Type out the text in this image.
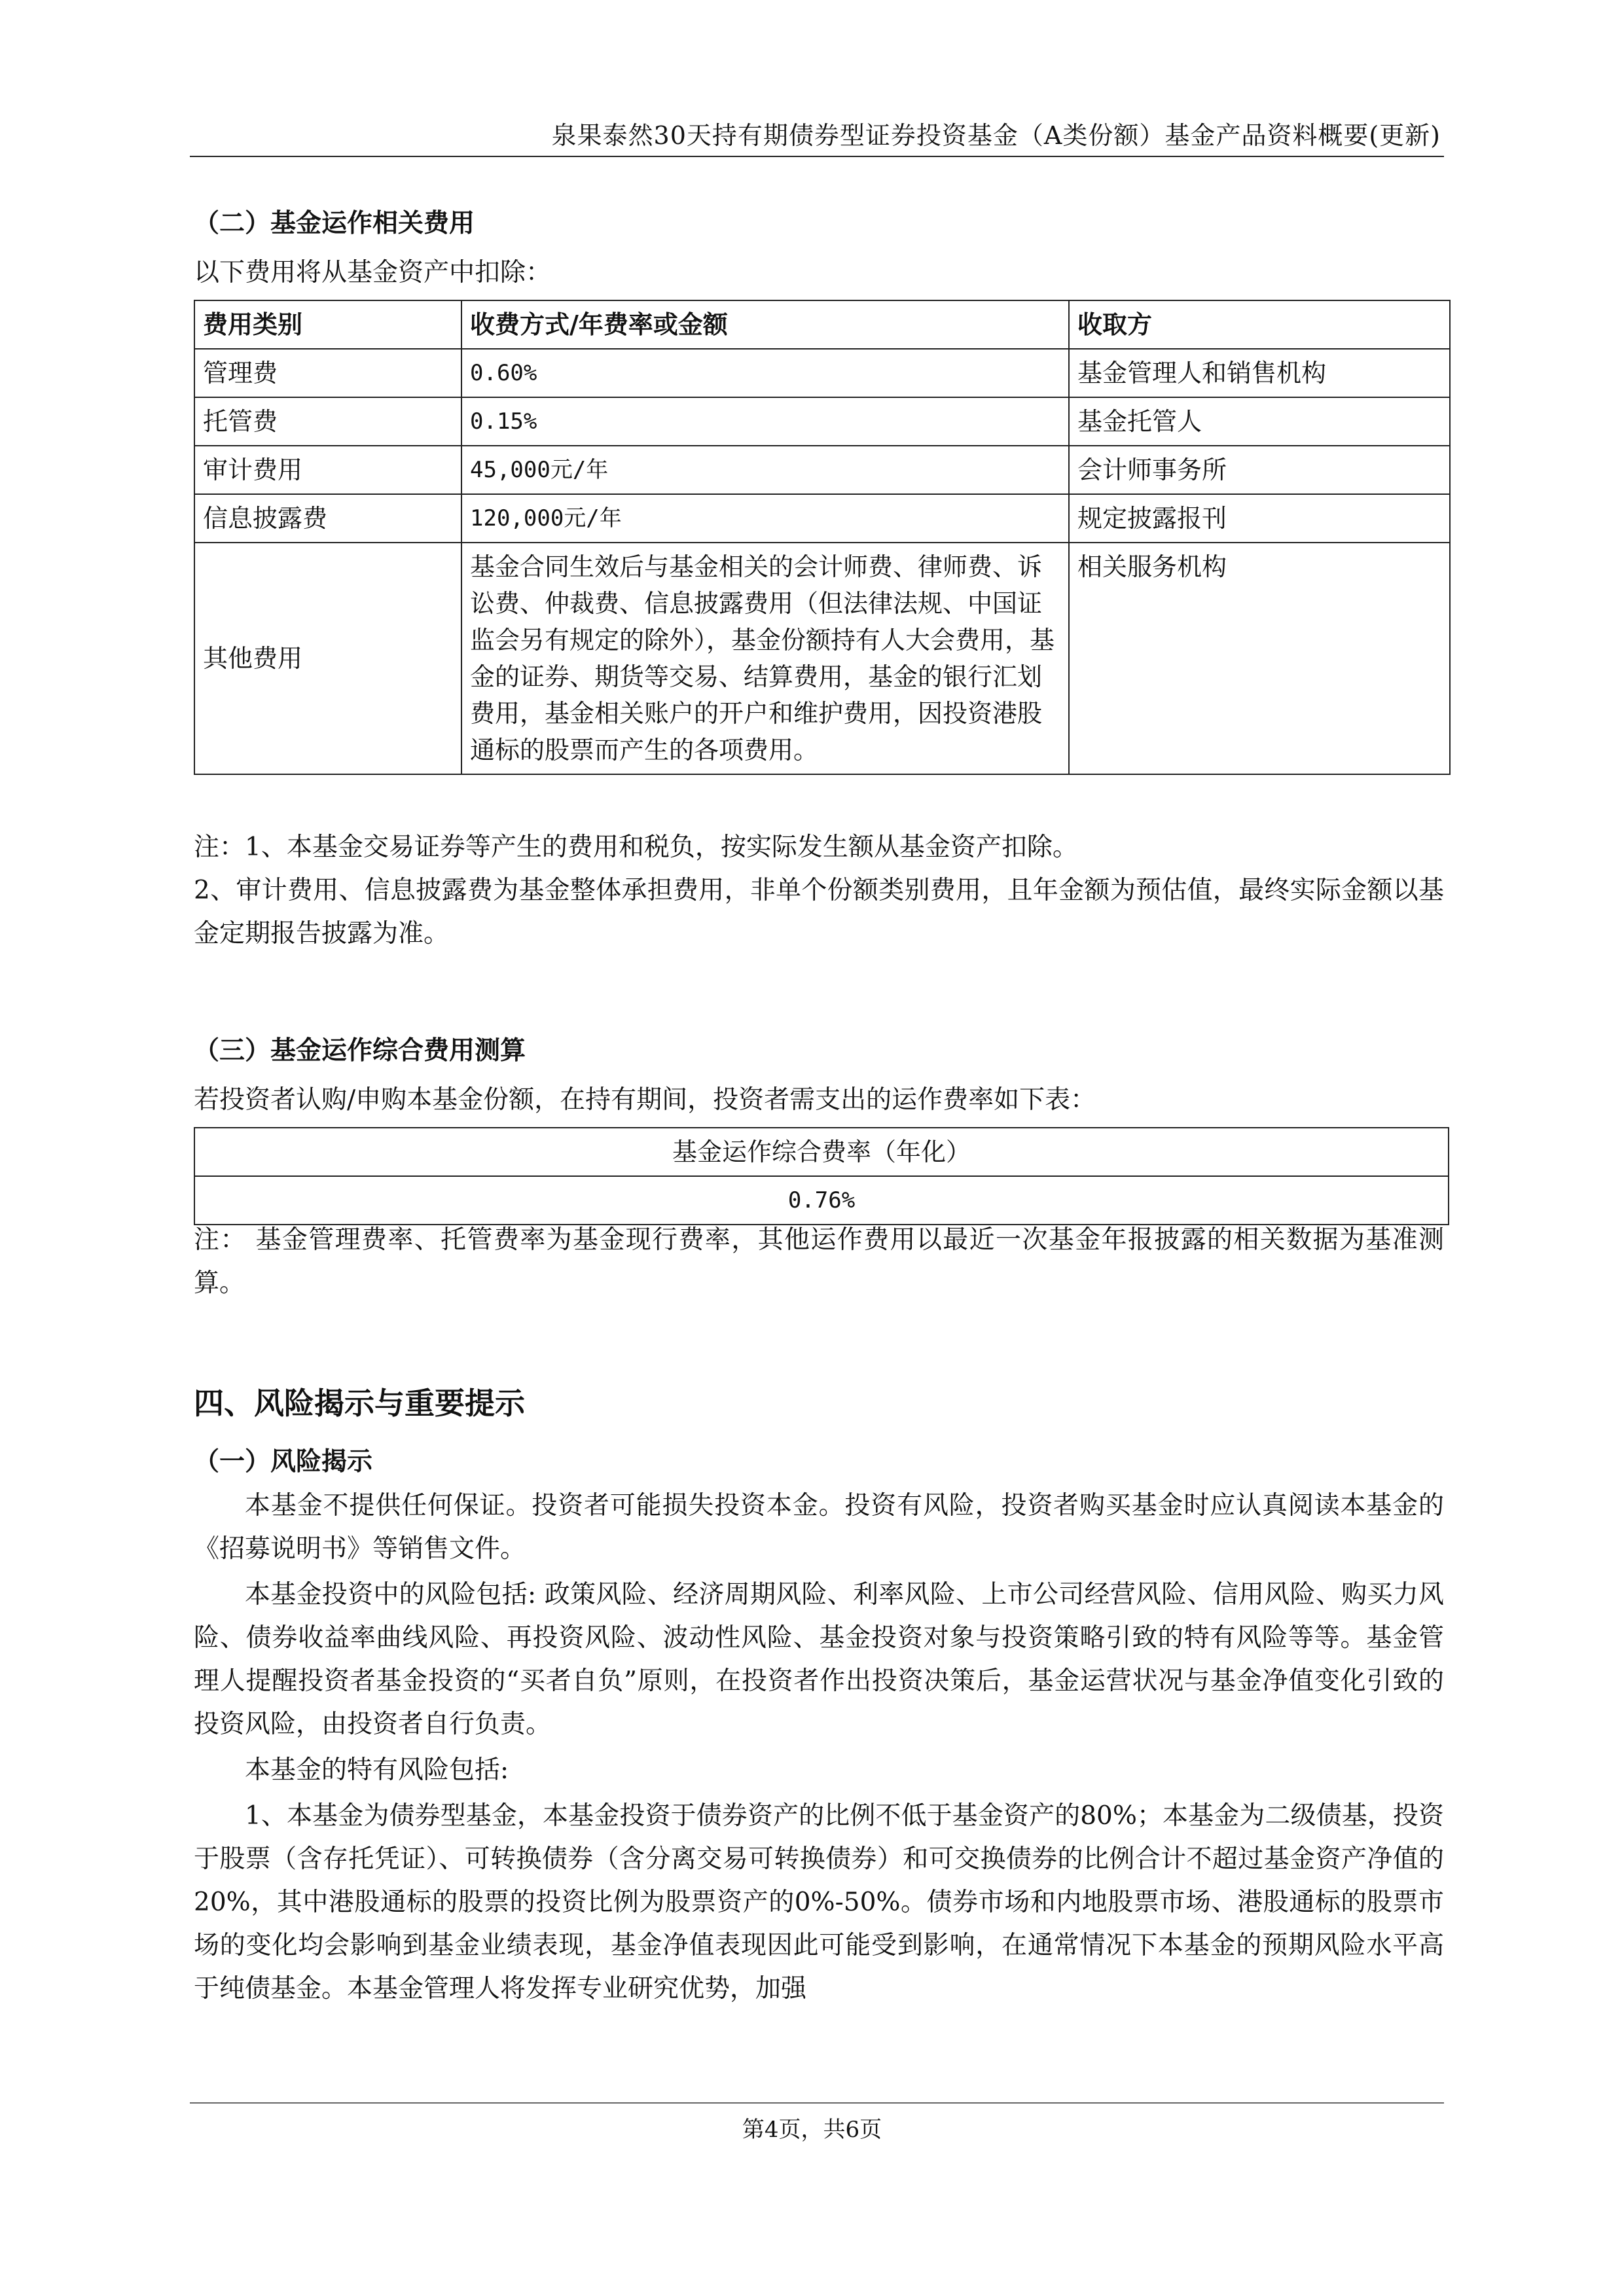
泉果泰然30天持有期债券型证券投资基金（A类份额）基金产品资料概要(更新)
（二）基金运作相关费用
以下费用将从基金资产中扣除：
费用类别	收费方式/年费率或金额	收取方
管理费	0.60%	基金管理人和销售机构
托管费	0.15%	基金托管人
审计费用	45,000元/年	会计师事务所
信息披露费	120,000元/年	规定披露报刊
其他费用	基金合同生效后与基金相关的会计师费、律师费、诉讼费、仲裁费、信息披露费用（但法律法规、中国证监会另有规定的除外），基金份额持有人大会费用，基金的证券、期货等交易、结算费用，基金的银行汇划费用，基金相关账户的开户和维护费用，因投资港股通标的股票而产生的各项费用。	相关服务机构

注：1、本基金交易证券等产生的费用和税负，按实际发生额从基金资产扣除。

2、审计费用、信息披露费为基金整体承担费用，非单个份额类别费用，且年金额为预估值，最终实际金额以基金定期报告披露为准。

（三）基金运作综合费用测算
若投资者认购/申购本基金份额，在持有期间，投资者需支出的运作费率如下表：
基金运作综合费率（年化）
0.76%
注： 基金管理费率、托管费率为基金现行费率，其他运作费用以最近一次基金年报披露的相关数据为基准测算。
四、风险揭示与重要提示
（一）风险揭示
本基金不提供任何保证。投资者可能损失投资本金。投资有风险，投资者购买基金时应认真阅读本基金的《招募说明书》等销售文件。
本基金投资中的风险包括: 政策风险、经济周期风险、利率风险、上市公司经营风险、信用风险、购买力风险、债券收益率曲线风险、再投资风险、波动性风险、基金投资对象与投资策略引致的特有风险等等。基金管理人提醒投资者基金投资的“买者自负”原则，在投资者作出投资决策后，基金运营状况与基金净值变化引致的投资风险，由投资者自行负责。
本基金的特有风险包括:
1、本基金为债券型基金，本基金投资于债券资产的比例不低于基金资产的80%；本基金为二级债基，投资于股票（含存托凭证）、可转换债券（含分离交易可转换债券）和可交换债券的比例合计不超过基金资产净值的20%，其中港股通标的股票的投资比例为股票资产的0%-50%。债券市场和内地股票市场、港股通标的股票市场的变化均会影响到基金业绩表现，基金净值表现因此可能受到影响，在通常情况下本基金的预期风险水平高于纯债基金。本基金管理人将发挥专业研究优势，加强
第4页，共6页
